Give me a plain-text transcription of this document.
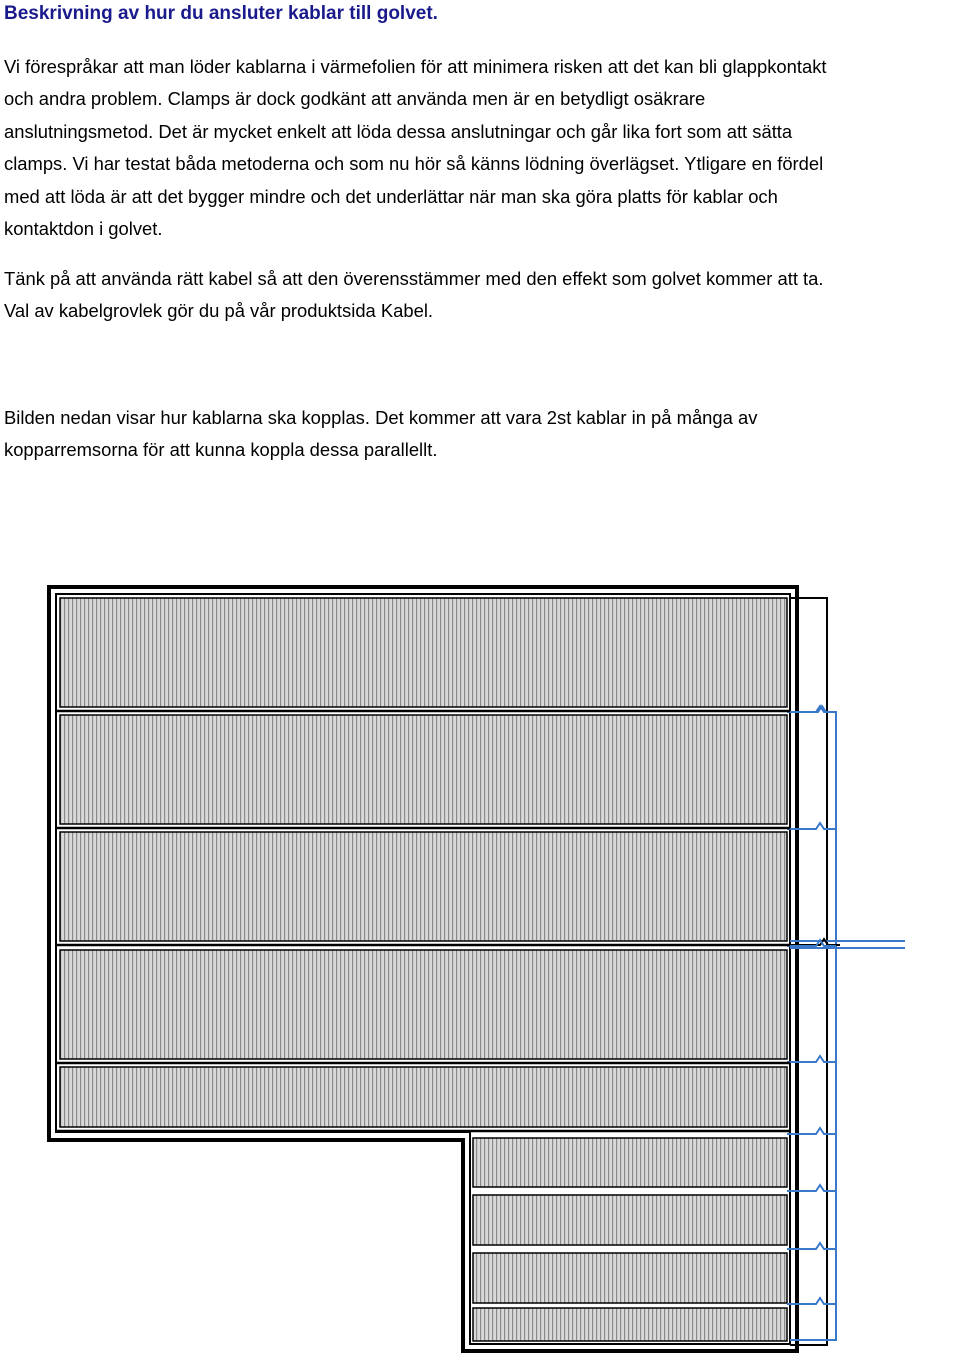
Beskrivning av hur du ansluter kablar till golvet.

Vi förespråkar att man löder kablarna i värmefolien för att minimera risken att det kan bli glappkontakt
och andra problem. Clamps är dock godkänt att använda men är en betydligt osäkrare
anslutningsmetod. Det är mycket enkelt att löda dessa anslutningar och går lika fort som att sätta
clamps. Vi har testat båda metoderna och som nu hör så känns lödning överlägset. Ytligare en fördel
med att löda är att det bygger mindre och det underlättar när man ska göra platts för kablar och
kontaktdon i golvet.

Tänk på att använda rätt kabel så att den överensstämmer med den effekt som golvet kommer att ta.
Val av kabelgrovlek gör du på vår produktsida Kabel.

Bilden nedan visar hur kablarna ska kopplas. Det kommer att vara 2st kablar in på många av
kopparremsorna för att kunna koppla dessa parallellt.
